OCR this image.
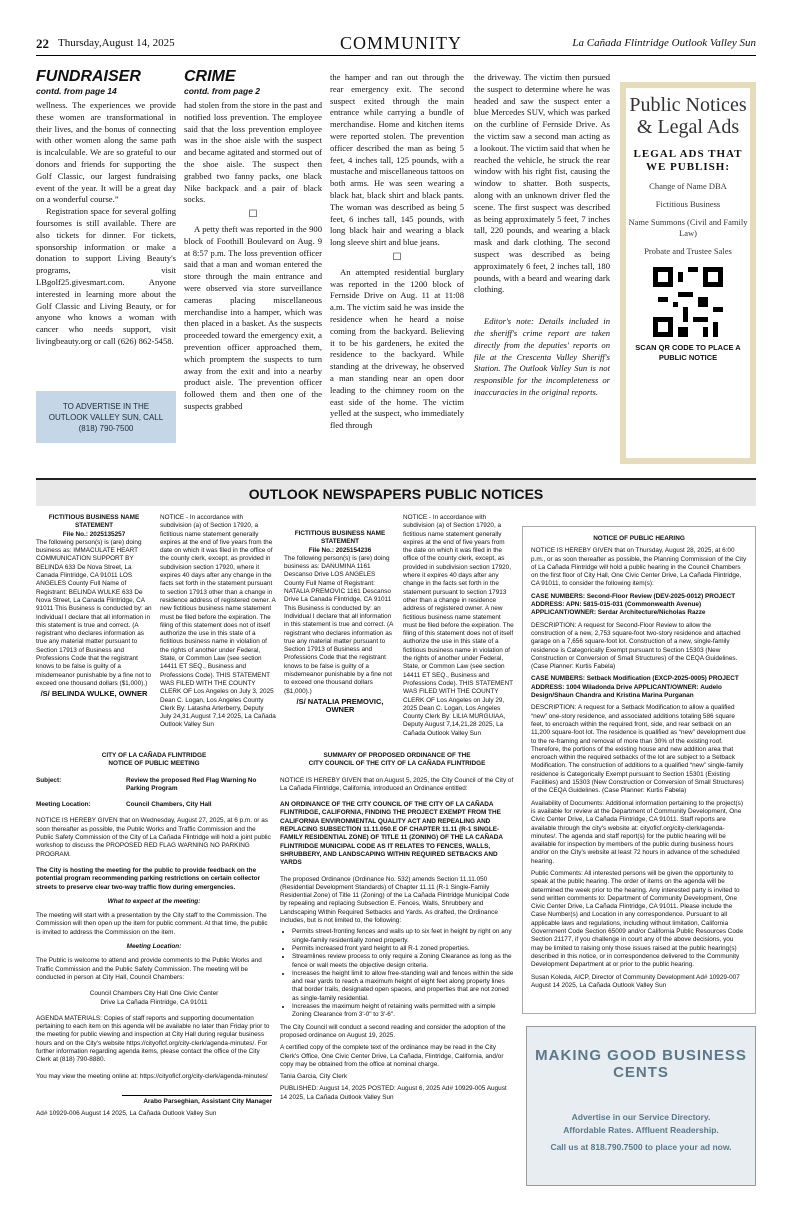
22 Thursday,August 14, 2025	COMMUNITY	La Cañada Flintridge Outlook Valley Sun
FUNDRAISER
contd. from page 14

wellness. The experiences we provide these women are transformational in their lives, and the bonus of connecting with other women along the same path is incalculable. We are so grateful to our donors and friends for supporting the Golf Classic, our largest fundraising event of the year. It will be a great day on a wonderful course.”

Registration space for several golfing foursomes is still available. There are also tickets for dinner. For tickets, sponsorship information or make a donation to support Living Beauty's programs, visit LBgolf25.givesmart.com. Anyone interested in learning more about the Golf Classic and Living Beauty, or for anyone who knows a woman with cancer who needs support, visit livingbeauty.org or call (626) 862-5458.

TO ADVERTISE IN THE OUTLOOK VALLEY SUN, CALL (818) 790-7500
CRIME
contd. from page 2

had stolen from the store in the past and notified loss prevention. The employee said that the loss prevention employee was in the shoe aisle with the suspect and became agitated and stormed out of the shoe aisle. The suspect then grabbed two fanny packs, one black Nike backpack and a pair of black socks.

☐

A petty theft was reported in the 900 block of Foothill Boulevard on Aug. 9 at 8:57 p.m. The loss prevention officer said that a man and woman entered the store through the main entrance and were observed via store surveillance cameras placing miscellaneous merchandise into a hamper, which was then placed in a basket. As the suspects proceeded toward the emergency exit, a prevention officer approached them, which promptem the suspects to turn away from the exit and into a nearby product aisle. The prevention officer followed them and then one of the suspects grabbed

the hamper and ran out through the rear emergency exit. The second suspect exited through the main entrance while carrying a bundle of merchandise. Home and kitchen items were reported stolen. The prevention officer described the man as being 5 feet, 4 inches tall, 125 pounds, with a mustache and miscellaneous tattoos on both arms. He was seen wearing a black hat, black shirt and black pants. The woman was described as being 5 feet, 6 inches tall, 145 pounds, with long black hair and wearing a black long sleeve shirt and blue jeans.

☐

An attempted residential burglary was reported in the 1200 block of Fernside Drive on Aug. 11 at 11:08 a.m. The victim said he was inside the residence when he heard a noise coming from the backyard. Believing it to be his gardeners, he exited the residence to the backyard. While standing at the driveway, he observed a man standing near an open door leading to the chimney room on the east side of the home. The victim yelled at the suspect, who immediately fled through

the driveway. The victim then pursued the suspect to determine where he was headed and saw the suspect enter a blue Mercedes SUV, which was parked on the curbline of Fernside Drive. As the victim saw a second man acting as a lookout. The victim said that when he reached the vehicle, he struck the rear window with his right fist, causing the window to shatter. Both suspects, along with an unknown driver fled the scene. The first suspect was described as being approximately 5 feet, 7 inches tall, 220 pounds, and wearing a black mask and dark clothing. The second suspect was described as being approximately 6 feet, 2 inches tall, 180 pounds, with a beard and wearing dark clothing.

Editor's note: Details included in the sheriff's crime report are taken directly from the deputies' reports on file at the Crescenta Valley Sheriff's Station. The Outlook Valley Sun is not responsible for the incompleteness or inaccuracies in the original reports.

Public Notices & Legal Ads
LEGAL ADS THAT WE PUBLISH:
Change of Name DBA
Fictitious Business
Name Summons (Civil and Family Law)
Probate and Trustee Sales
SCAN QR CODE TO PLACE A PUBLIC NOTICE
OUTLOOK NEWSPAPERS PUBLIC NOTICES
FICTITIOUS BUSINESS NAME STATEMENT
File No.: 2025135257
The following person(s) is (are) doing business as: IMMACULATE HEART COMMUNICATION SUPPORT BY BELINDA 633 De Nova Street, La Canada Flintridge, CA 91011 LOS ANGELES County Full Name of Registrant: BELINDA WULKE 633 De Nova Street, La Canada Flintridge, CA 91011 This Business is conducted by: an Individual I declare that all information in this statement is true and correct. (A registrant who declares information as true any material matter pursuant to Section 17913 of Business and Professions Code that the registrant knows to be false is guilty of a misdemeanor punishable by a fine not to exceed one thousand dollars ($1,000).)
/S/ BELINDA WULKE, OWNER
NOTICE - In accordance with subdivision (a) of Section 17920, a fictitious name statement generally expires at the end of five years from the date on which it was filed in the office of the county clerk, except, as provided in subdivision section 17920, where it expires 40 days after any change in the facts set forth in the statement pursuant to section 17913 other than a change in residence address of registered owner. A new fictitious business name statement must be filed before the expiration. The filing of this statement does not of itself authorize the use in this state of a fictitious business name in violation of the rights of another under Federal, State, or Common Law (see section 14411 ET SEQ., Business and Professions Code). THIS STATEMENT WAS FILED WITH THE COUNTY CLERK OF Los Angeles on July 3, 2025 Dean C. Logan, Los Angeles County Clerk By: Latasha Arterberry, Deputy July 24,31,August 7,14 2025, La Cañada Outlook Valley Sun
FICTITIOUS BUSINESS NAME STATEMENT
File No.: 2025154236
The following person(s) is (are) doing business as: DANUMINA 1161 Descanso Drive LOS ANGELES County Full Name of Registrant: NATALIA PREMOVIC 1161 Descanso Drive La Canada Flintridge, CA 91011 This Business is conducted by: an Individual I declare that all information in this statement is true and correct. (A registrant who declares information as true any material matter pursuant to Section 17913 of Business and Professions Code that the registrant knows to be false is guilty of a misdemeanor punishable by a fine not to exceed one thousand dollars ($1,000).)
/S/ NATALIA PREMOVIC, OWNER
NOTICE - In accordance with subdivision (a) of Section 17920, a fictitious name statement generally expires at the end of five years from the date on which it was filed in the office of the county clerk, except, as provided in subdivision section 17920, where it expires 40 days after any change in the facts set forth in the statement pursuant to section 17913 other than a change in residence address of registered owner. A new fictitious business name statement must be filed before the expiration. The filing of this statement does not of itself authorize the use in this state of a fictitious business name in violation of the rights of another under Federal, State, or Common Law (see section 14411 ET SEQ., Business and Professions Code). THIS STATEMENT WAS FILED WITH THE COUNTY CLERK OF Los Angeles on July 29, 2025 Dean C. Logan, Los Angeles County Clerk By: LILIA MURGUIAA, Deputy August 7,14,21,28 2025, La Cañada Outlook Valley Sun
NOTICE OF PUBLIC HEARING

NOTICE IS HEREBY GIVEN that on Thursday, August 28, 2025, at 6:00 p.m., or as soon thereafter as possible, the Planning Commission of the City of La Cañada Flintridge will hold a public hearing in the Council Chambers on the first floor of City Hall, One Civic Center Drive, La Cañada Flintridge, CA 91011, to consider the following item(s):

CASE NUMBERS: Second-Floor Review (DEV-2025-0012) PROJECT ADDRESS: APN: 5815-015-031 (Commonwealth Avenue) APPLICANT/OWNER: Serdar Architecture/Nicholas Razze

DESCRIPTION: A request for Second-Floor Review to allow the construction of a new, 2,753 square-foot two-story residence and attached garage on a 7,656 square-foot lot. Construction of a new, single-family residence is Categorically Exempt pursuant to Section 15303 (New Construction or Conversion of Small Structures) of the CEQA Guidelines. (Case Planner: Kurtis Fabela)

CASE NUMBERS: Setback Modification (EXCP-2025-0005) PROJECT ADDRESS: 1004 Wiladonda Drive APPLICANT/OWNER: Audelo Design/Shaun Chandra and Kristina Marina Purganan

DESCRIPTION: A request for a Setback Modification to allow a qualified “new” one-story residence, and associated additions totaling 586 square feet, to encroach within the required front, side, and rear setback on an 11,200 square-foot lot. The residence is qualified as “new” development due to the re-framing and removal of more than 30% of the existing roof. Therefore, the portions of the existing house and new addition area that encroach within the required setbacks of the lot are subject to a Setback Modification. The construction of additions to a qualified “new” single-family residence is Categorically Exempt pursuant to Section 15301 (Existing Facilities) and 15303 (New Construction or Conversion of Small Structures) of the CEQA Guidelines. (Case Planner: Kurtis Fabela)

Availability of Documents: Additional information pertaining to the project(s) is available for review at the Department of Community Development, One Civic Center Drive, La Cañada Flintridge, CA 91011. Staff reports are available through the city's website at: cityoflcf.org/city-clerk/agenda-minutes/. The agenda and staff report(s) for the public hearing will be available for inspection by members of the public during business hours and/or on the City's website at least 72 hours in advance of the scheduled hearing.

Public Comments: All interested persons will be given the opportunity to speak at the public hearing. The order of items on the agenda will be determined the week prior to the hearing. Any interested party is invited to send written comments to: Department of Community Development, One Civic Center Drive, La Cañada Flintridge, CA 91011. Please include the Case Number(s) and Location in any correspondence. Pursuant to all applicable laws and regulations, including without limitation, California Government Code Section 65009 and/or California Public Resources Code Section 21177, if you challenge in court any of the above decisions, you may be limited to raising only those issues raised at the public hearing(s) described in this notice, or in correspondence delivered to the Community Development Department at or prior to the public hearing.

Susan Koleda, AICP, Director of Community Development Ad# 10929-007 August 14 2025, La Cañada Outlook Valley Sun

CITY OF LA CAÑADA FLINTRIDGE
NOTICE OF PUBLIC MEETING
Subject:	Review the proposed Red Flag Warning No Parking Program
Meeting Location:	Council Chambers, City Hall

NOTICE IS HEREBY GIVEN that on Wednesday, August 27, 2025, at 6 p.m. or as soon thereafter as possible, the Public Works and Traffic Commission and the Public Safety Commission of the City of La Cañada Flintridge will hold a joint public workshop to discuss the PROPOSED RED FLAG WARNING NO PARKING PROGRAM.

The City is hosting the meeting for the public to provide feedback on the potential program recommending parking restrictions on certain collector streets to preserve clear two-way traffic flow during emergencies.

What to expect at the meeting:

The meeting will start with a presentation by the City staff to the Commission. The Commission will then open up the item for public comment. At that time, the public is invited to address the Commission on the item.

Meeting Location:

The Public is welcome to attend and provide comments to the Public Works and Traffic Commission and the Public Safety Commission. The meeting will be conducted in person at City Hall, Council Chambers:

Council Chambers City Hall One Civic Center Drive La Cañada Flintridge, CA 91011

AGENDA MATERIALS: Copies of staff reports and supporting documentation pertaining to each item on this agenda will be available no later than Friday prior to the meeting for public viewing and inspection at City Hall during regular business hours and on the City's website https://cityoflcf.org/city-clerk/agenda-minutes/. For further information regarding agenda items, please contact the office of the City Clerk at (818) 790-8880.

You may view the meeting online at: https://cityoflcf.org/city-clerk/agenda-minutes/

Arabo Parseghian, Assistant City Manager

Ad# 10929-006 August 14 2025, La Cañada Outlook Valley Sun

SUMMARY OF PROPOSED ORDINANCE OF THE
CITY COUNCIL OF THE CITY OF LA CAÑADA FLINTRIDGE

NOTICE IS HEREBY GIVEN that on August 5, 2025, the City Council of the City of La Cañada Flintridge, California, introduced an Ordinance entitled:

AN ORDINANCE OF THE CITY COUNCIL OF THE CITY OF LA CAÑADA FLINTRIDGE, CALIFORNIA, FINDING THE PROJECT EXEMPT FROM THE CALIFORNIA ENVIRONMENTAL QUALITY ACT AND REPEALING AND REPLACING SUBSECTION 11.11.050.E OF CHAPTER 11.11 (R-1 SINGLE-FAMILY RESIDENTIAL ZONE) OF TITLE 11 (ZONING) OF THE LA CAÑADA FLINTRIDGE MUNICIPAL CODE AS IT RELATES TO FENCES, WALLS, SHRUBBERY, AND LANDSCAPING WITHIN REQUIRED SETBACKS AND YARDS

The proposed Ordinance (Ordinance No. 532) amends Section 11.11.050 (Residential Development Standards) of Chapter 11.11 (R-1 Single-Family Residential Zone) of Title 11 (Zoning) of the La Cañada Flintridge Municipal Code by repealing and replacing Subsection E. Fences, Walls, Shrubbery and Landscaping Within Required Setbacks and Yards. As drafted, the Ordinance includes, but is not limited to, the following:

• Permits street-fronting fences and walls up to six feet in height by right on any single-family residentially zoned property.
• Permits increased front yard height to all R-1 zoned properties.
• Streamlines review process to only require a Zoning Clearance as long as the fence or wall meets the objective design criteria.
• Increases the height limit to allow free-standing wall and fences within the side and rear yards to reach a maximum height of eight feet along property lines that border trails, designated open spaces, and properties that are not zoned as single-family residential.
• Increases the maximum height of retaining walls permitted with a simple Zoning Clearance from 3'-0" to 3'-6".

The City Council will conduct a second reading and consider the adoption of the proposed ordinance on August 19, 2025.

A certified copy of the complete text of the ordinance may be read in the City Clerk's Office, One Civic Center Drive, La Cañada, Flintridge, California, and/or copy may be obtained from the office at nominal charge.

Tania Garcia, City Clerk

PUBLISHED: August 14, 2025 POSTED: August 6, 2025 Ad# 10929-005 August 14 2025, La Cañada Outlook Valley Sun

MAKING GOOD BUSINESS CENTS
Advertise in our Service Directory.
Affordable Rates. Affluent Readership.
Call us at 818.790.7500 to place your ad now.
